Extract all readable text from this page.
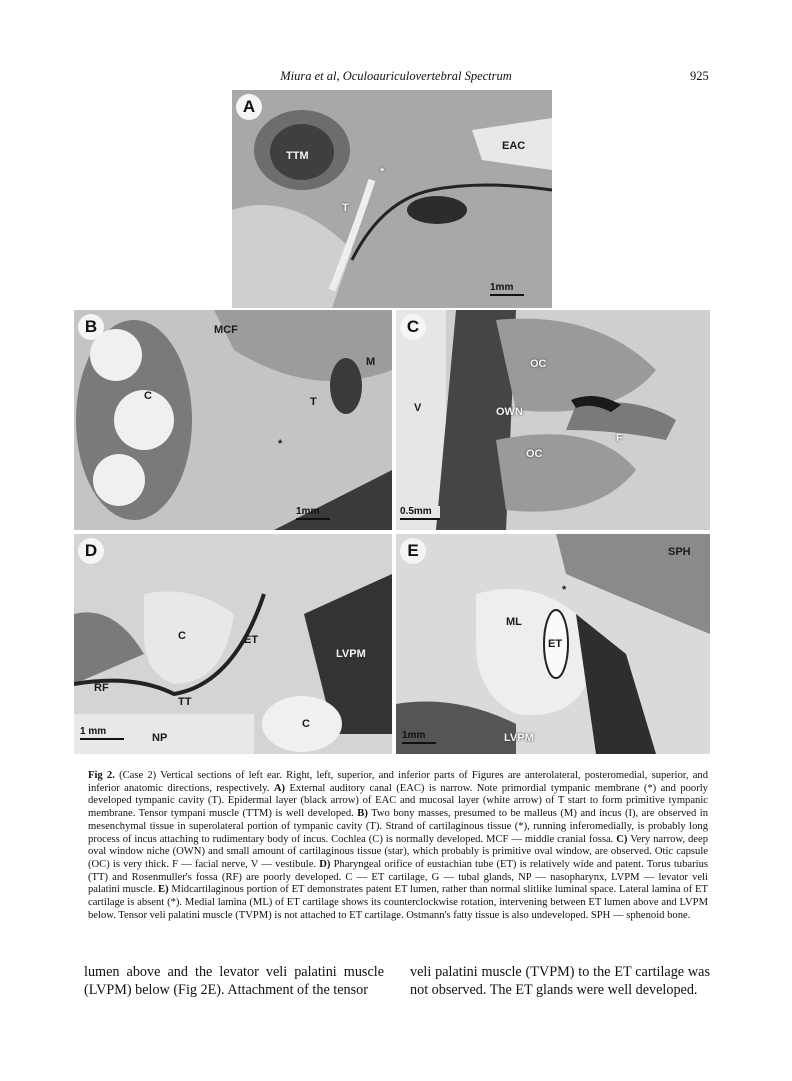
Miura et al, Oculoauriculovertebral Spectrum	925
A
TTM
EAC
T
*
1mm
B	MCF
M
C	T
*
1mm
C
OC
V	OWN
F
OC
0.5mm
D
C	ET
LVPM
RF
TT
C
NP
1 mm
E	SPH
*
ML
ET
LVPM
1mm
Fig 2. (Case 2) Vertical sections of left ear. Right, left, superior, and inferior parts of Figures are anterolateral, posteromedial, superior, and inferior anatomic directions, respectively. A) External auditory canal (EAC) is narrow. Note primordial tympanic membrane (*) and poorly developed tympanic cavity (T). Epidermal layer (black arrow) of EAC and mucosal layer (white arrow) of T start to form primitive tympanic membrane. Tensor tympani muscle (TTM) is well developed. B) Two bony masses, presumed to be malleus (M) and incus (I), are observed in mesenchymal tissue in superolateral portion of tympanic cavity (T). Strand of cartilaginous tissue (*), running inferomedially, is probably long process of incus attaching to rudimentary body of incus. Cochlea (C) is normally developed. MCF — middle cranial fossa. C) Very narrow, deep oval window niche (OWN) and small amount of cartilaginous tissue (star), which probably is primitive oval window, are observed. Otic capsule (OC) is very thick. F — facial nerve, V — vestibule. D) Pharyngeal orifice of eustachian tube (ET) is relatively wide and patent. Torus tubarius (TT) and Rosenmuller's fossa (RF) are poorly developed. C — ET cartilage, G — tubal glands, NP — nasopharynx, LVPM — levator veli palatini muscle. E) Midcartilaginous portion of ET demonstrates patent ET lumen, rather than normal slitlike luminal space. Lateral lamina of ET cartilage is absent (*). Medial lamina (ML) of ET cartilage shows its counterclockwise rotation, intervening between ET lumen above and LVPM below. Tensor veli palatini muscle (TVPM) is not attached to ET cartilage. Ostmann's fatty tissue is also undeveloped. SPH — sphenoid bone.
lumen above and the levator veli palatini muscle (LVPM) below (Fig 2E). Attachment of the tensor
veli palatini muscle (TVPM) to the ET cartilage was not observed. The ET glands were well developed.
